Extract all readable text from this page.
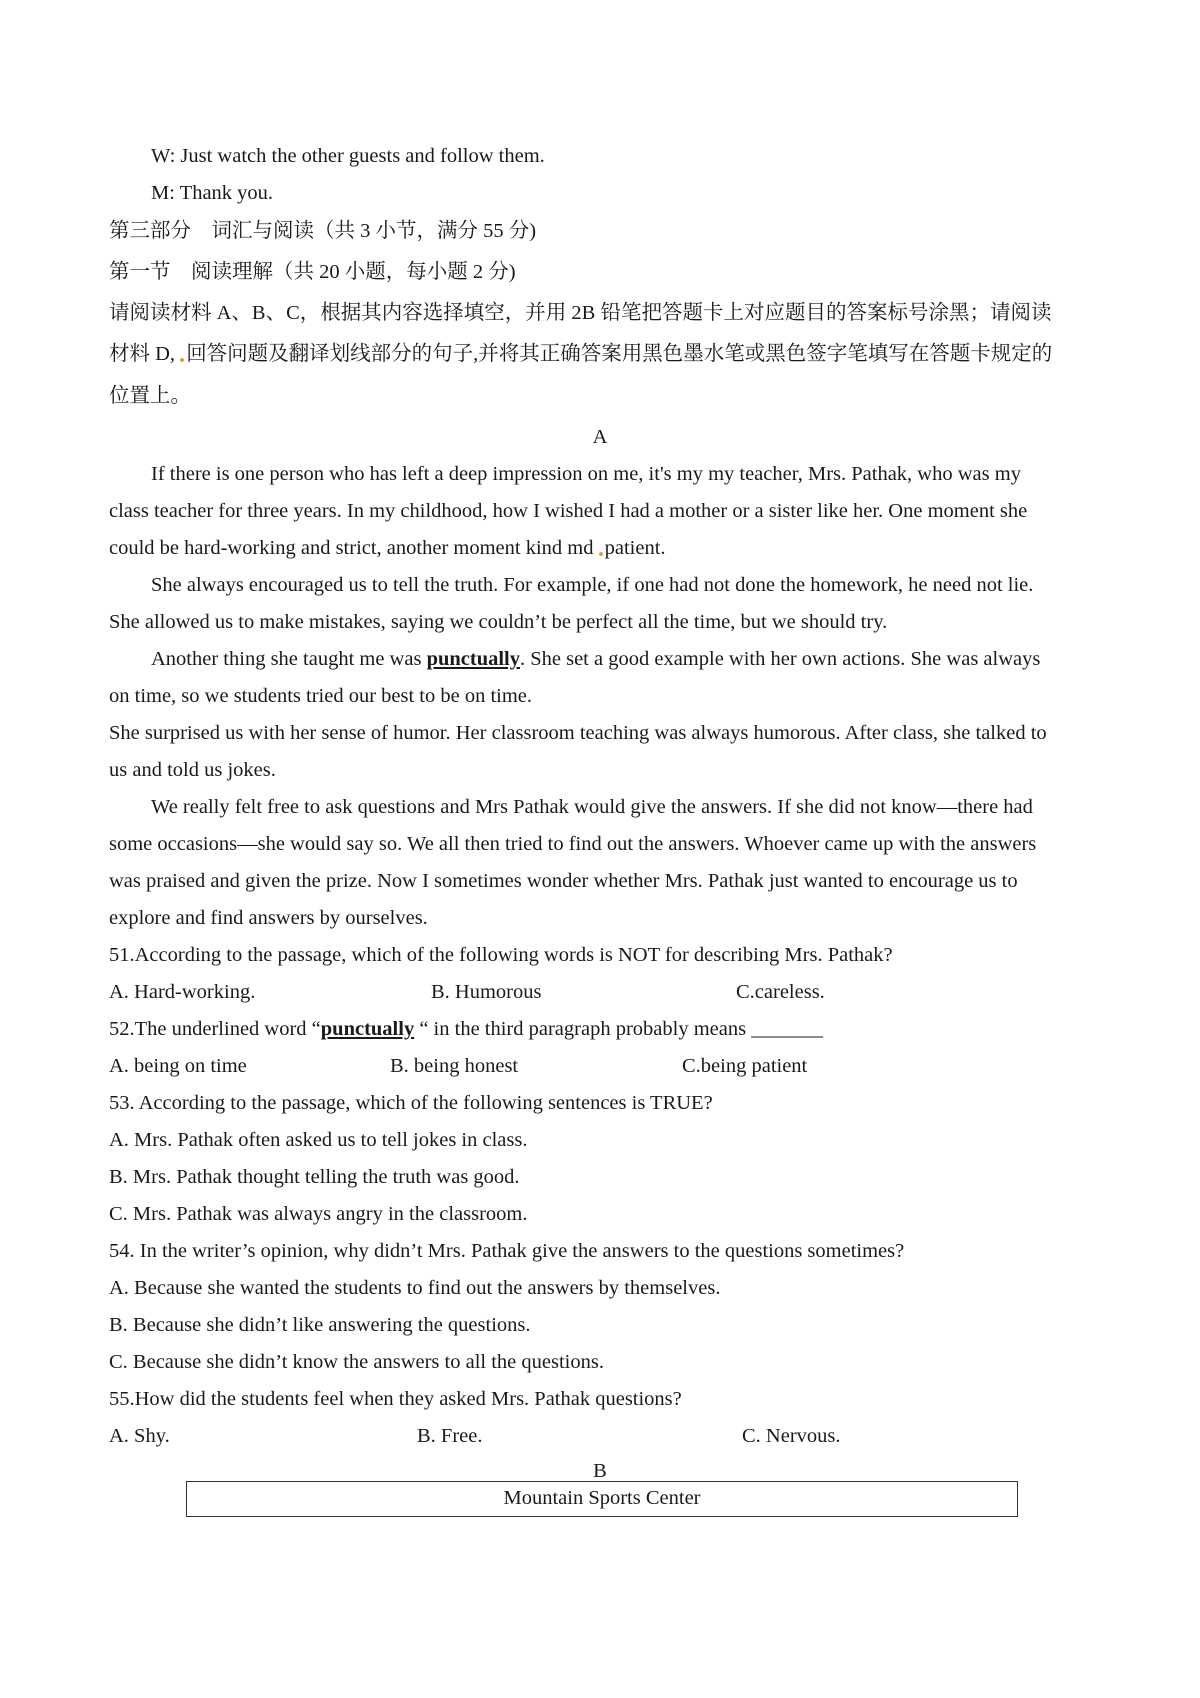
W: Just watch the other guests and follow them.
M: Thank you.
第三部分　词汇与阅读（共 3 小节，满分 55 分)
第一节　阅读理解（共 20 小题，每小题 2 分)
请阅读材料 A、B、C，根据其内容选择填空，并用 2B 铅笔把答题卡上对应题目的答案标号涂黑；请阅读
材料 D, 回答问题及翻译划线部分的句子,并将其正确答案用黑色墨水笔或黑色签字笔填写在答题卡规定的
位置上。
A
If there is one person who has left a deep impression on me, it's my my teacher, Mrs. Pathak, who was my
class teacher for three years. In my childhood, how I wished I had a mother or a sister like her. One moment she
could be hard-working and strict, another moment kind md patient.
She always encouraged us to tell the truth. For example, if one had not done the homework, he need not lie.
She allowed us to make mistakes, saying we couldn’t be perfect all the time, but we should try.
Another thing she taught me was punctually. She set a good example with her own actions. She was always
on time, so we students tried our best to be on time.
She surprised us with her sense of humor. Her classroom teaching was always humorous. After class, she talked to
us and told us jokes.
We really felt free to ask questions and Mrs Pathak would give the answers. If she did not know—there had
some occasions—she would say so. We all then tried to find out the answers. Whoever came up with the answers
was praised and given the prize. Now I sometimes wonder whether Mrs. Pathak just wanted to encourage us to
explore and find answers by ourselves.
51.According to the passage, which of the following words is NOT for describing Mrs. Pathak?
A. Hard-working.	B. Humorous	C.careless.
52.The underlined word “punctually “ in the third paragraph probably means _______
A. being on time	B. being honest	C.being patient
53. According to the passage, which of the following sentences is TRUE?
A. Mrs. Pathak often asked us to tell jokes in class.
B. Mrs. Pathak thought telling the truth was good.
C. Mrs. Pathak was always angry in the classroom.
54. In the writer’s opinion, why didn’t Mrs. Pathak give the answers to the questions sometimes?
A. Because she wanted the students to find out the answers by themselves.
B. Because she didn’t like answering the questions.
C. Because she didn’t know the answers to all the questions.
55.How did the students feel when they asked Mrs. Pathak questions?
A. Shy.	B. Free.	C. Nervous.
B
Mountain Sports Center
